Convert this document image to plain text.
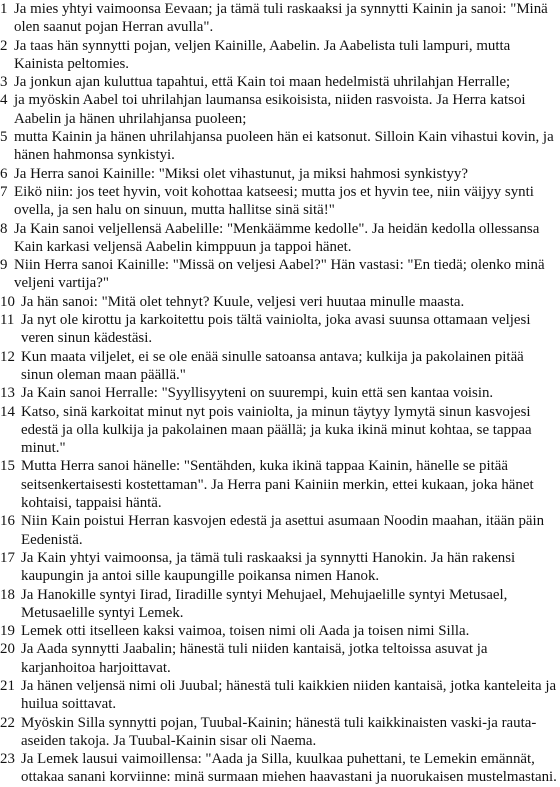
1 Ja mies yhtyi vaimoonsa Eevaan; ja tämä tuli raskaaksi ja synnytti Kainin ja sanoi: "Minä olen saanut pojan Herran avulla".

2 Ja taas hän synnytti pojan, veljen Kainille, Aabelin. Ja Aabelista tuli lampuri, mutta Kainista peltomies.

3 Ja jonkun ajan kuluttua tapahtui, että Kain toi maan hedelmistä uhrilahjan Herralle;

4 ja myöskin Aabel toi uhrilahjan laumansa esikoisista, niiden rasvoista. Ja Herra katsoi Aabelin ja hänen uhrilahjansa puoleen;

5 mutta Kainin ja hänen uhrilahjansa puoleen hän ei katsonut. Silloin Kain vihastui kovin, ja hänen hahmonsa synkistyi.

6 Ja Herra sanoi Kainille: "Miksi olet vihastunut, ja miksi hahmosi synkistyy?

7 Eikö niin: jos teet hyvin, voit kohottaa katseesi; mutta jos et hyvin tee, niin väijyy synti ovella, ja sen halu on sinuun, mutta hallitse sinä sitä!"

8 Ja Kain sanoi veljellensä Aabelille: "Menkäämme kedolle". Ja heidän kedolla ollessansa Kain karkasi veljensä Aabelin kimppuun ja tappoi hänet.

9 Niin Herra sanoi Kainille: "Missä on veljesi Aabel?" Hän vastasi: "En tiedä; olenko minä veljeni vartija?"

10 Ja hän sanoi: "Mitä olet tehnyt? Kuule, veljesi veri huutaa minulle maasta.

11 Ja nyt ole kirottu ja karkoitettu pois tältä vainiolta, joka avasi suunsa ottamaan veljesi veren sinun kädestäsi.

12 Kun maata viljelet, ei se ole enää sinulle satoansa antava; kulkija ja pakolainen pitää sinun oleman maan päällä."

13 Ja Kain sanoi Herralle: "Syyllisyyteni on suurempi, kuin että sen kantaa voisin.

14 Katso, sinä karkoitat minut nyt pois vainiolta, ja minun täytyy lymytä sinun kasvojesi edestä ja olla kulkija ja pakolainen maan päällä; ja kuka ikinä minut kohtaa, se tappaa minut."

15 Mutta Herra sanoi hänelle: "Sentähden, kuka ikinä tappaa Kainin, hänelle se pitää seitsenkertaisesti kostettaman". Ja Herra pani Kainiin merkin, ettei kukaan, joka hänet kohtaisi, tappaisi häntä.

16 Niin Kain poistui Herran kasvojen edestä ja asettui asumaan Noodin maahan, itään päin Eedenistä.

17 Ja Kain yhtyi vaimoonsa, ja tämä tuli raskaaksi ja synnytti Hanokin. Ja hän rakensi kaupungin ja antoi sille kaupungille poikansa nimen Hanok.

18 Ja Hanokille syntyi Iirad, Iiradille syntyi Mehujael, Mehujaelille syntyi Metusael, Metusaelille syntyi Lemek.

19 Lemek otti itselleen kaksi vaimoa, toisen nimi oli Aada ja toisen nimi Silla.

20 Ja Aada synnytti Jaabalin; hänestä tuli niiden kantaisä, jotka teltoissa asuvat ja karjanhoitoa harjoittavat.

21 Ja hänen veljensä nimi oli Juubal; hänestä tuli kaikkien niiden kantaisä, jotka kanteleita ja huilua soittavat.

22 Myöskin Silla synnytti pojan, Tuubal-Kainin; hänestä tuli kaikkinaisten vaski-ja rauta-aseiden takoja. Ja Tuubal-Kainin sisar oli Naema.

23 Ja Lemek lausui vaimoillensa: "Aada ja Silla, kuulkaa puhettani, te Lemekin emännät, ottakaa sanani korviinne: minä surmaan miehen haavastani ja nuorukaisen mustelmastani.
